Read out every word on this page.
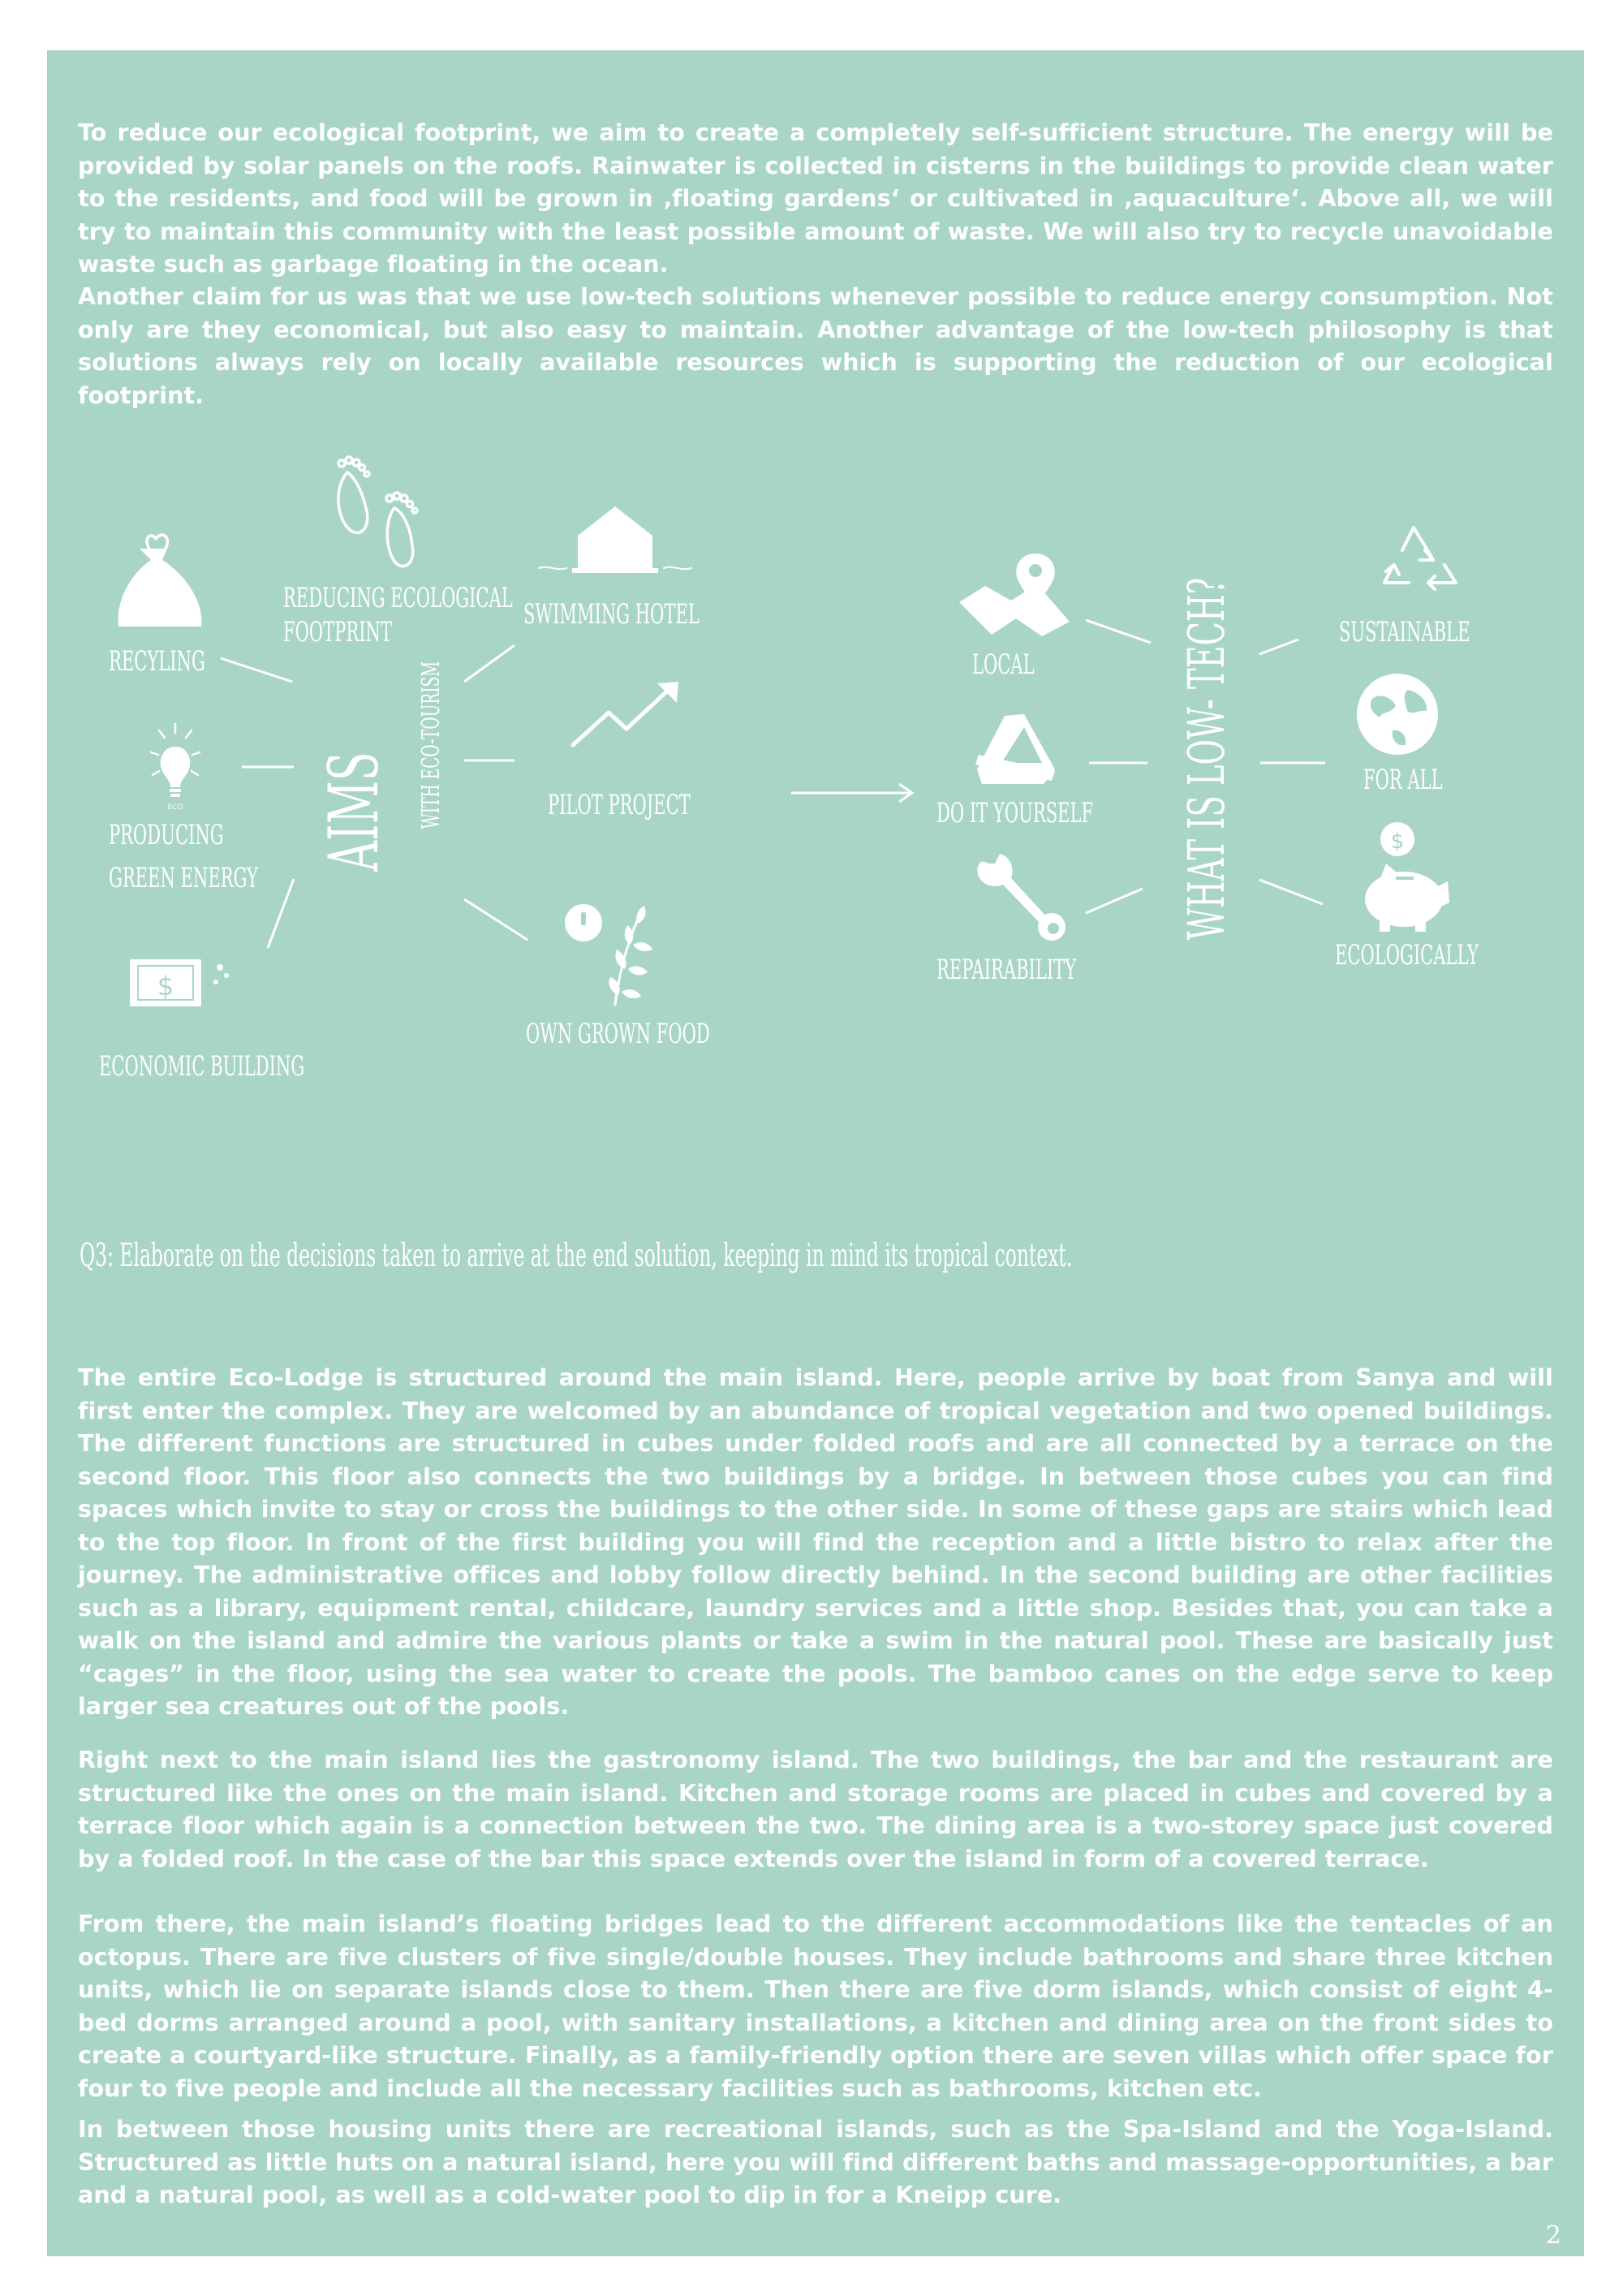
To reduce our ecological footprint, we aim to create a completely self-sufficient structure. The energy will be provided by solar panels on the roofs. Rainwater is collected in cisterns in the buildings to provide clean water to the residents, and food will be grown in ‚floating gardens‘ or cultivated in ‚aquaculture‘. Above all, we will try to maintain this community with the least possible amount of waste. We will also try to recycle unavoidable waste such as garbage floating in the ocean.

Another claim for us was that we use low-tech solutions whenever possible to reduce energy consumption. Not only are they economical, but also easy to maintain. Another advantage of the low-tech philosophy is that solutions always rely on locally available resources which is supporting the reduction of our ecological footprint.

Q3: Elaborate on the decisions taken to arrive at the end solution, keeping in mind its tropical context.

The entire Eco-Lodge is structured around the main island. Here, people arrive by boat from Sanya and will first enter the complex. They are welcomed by an abundance of tropical vegetation and two opened buildings. The different functions are structured in cubes under folded roofs and are all connected by a terrace on the second floor. This floor also connects the two buildings by a bridge. In between those cubes you can find spaces which invite to stay or cross the buildings to the other side. In some of these gaps are stairs which lead to the top floor. In front of the first building you will find the reception and a little bistro to relax after the journey. The administrative offices and lobby follow directly behind. In the second building are other facilities such as a library, equipment rental, childcare, laundry services and a little shop. Besides that, you can take a walk on the island and admire the various plants or take a swim in the natural pool. These are basically just “cages” in the floor, using the sea water to create the pools. The bamboo canes on the edge serve to keep larger sea creatures out of the pools.

Right next to the main island lies the gastronomy island. The two buildings, the bar and the restaurant are structured like the ones on the main island. Kitchen and storage rooms are placed in cubes and covered by a terrace floor which again is a connection between the two. The dining area is a two-storey space just covered by a folded roof. In the case of the bar this space extends over the island in form of a covered terrace.

From there, the main island’s floating bridges lead to the different accommodations like the tentacles of an octopus. There are five clusters of five single/double houses. They include bathrooms and share three kitchen units, which lie on separate islands close to them. Then there are five dorm islands, which consist of eight 4-bed dorms arranged around a pool, with sanitary installations, a kitchen and dining area on the front sides to create a courtyard-like structure. Finally, as a family-friendly option there are seven villas which offer space for four to five people and include all the necessary facilities such as bathrooms, kitchen etc.

In between those housing units there are recreational islands, such as the Spa-Island and the Yoga-Island. Structured as little huts on a natural island, here you will find different baths and massage-opportunities, a bar and a natural pool, as well as a cold-water pool to dip in for a Kneipp cure.

2
AIMS WITH ECO-TOURISM
REDUCING ECOLOGICAL
FOOTPRINT
RECYLING
ECO
PRODUCING
GREEN ENERGY
$
ECONOMIC BUILDING
SWIMMING HOTEL
PILOT PROJECT
OWN GROWN FOOD
WHAT IS LOW- TECH?
LOCAL
DO IT YOURSELF
REPAIRABILITY
SUSTAINABLE
FOR ALL
$
ECOLOGICALLY
